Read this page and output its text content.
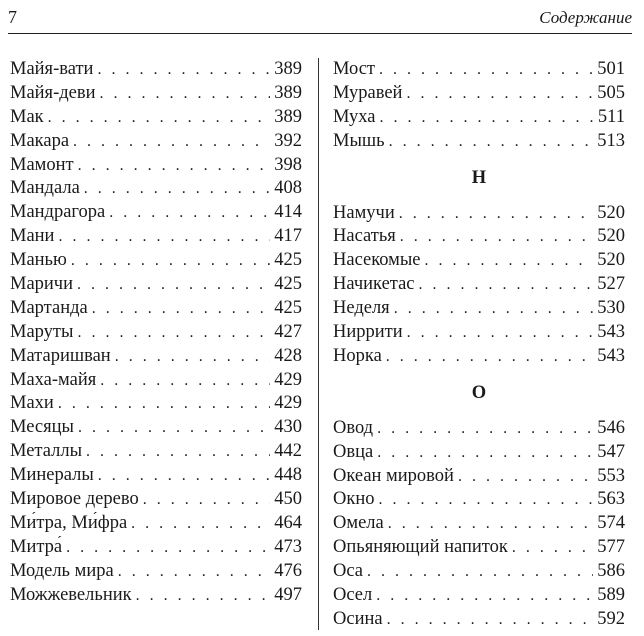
7	Содержание
Майя-вати . . .	389
Майя-деви . . .	389
Мак . . .	389
Макара . . .	392
Мамонт . . .	398
Мандала . . .	408
Мандрагора . . .	414
Мани . . .	417
Манью . . .	425
Маричи . . .	425
Мартанда . . .	425
Маруты . . .	427
Матаришван . . .	428
Маха-майя . . .	429
Махи . . .	429
Месяцы . . .	430
Металлы . . .	442
Минералы . . .	448
Мировое дерево . . .	450
Ми́тра, Ми́фра . . .	464
Митра́ . . .	473
Модель мира . . .	476
Можжевельник . . .	497
Мост . . .	501
Муравей . . .	505
Муха . . .	511
Мышь . . .	513
Н
Намучи . . .	520
Насатья . . .	520
Насекомые . . .	520
Начикетас . . .	527
Неделя . . .	530
Ниррити . . .	543
Норка . . .	543
О
Овод . . .	546
Овца . . .	547
Океан мировой . . .	553
Окно . . .	563
Омела . . .	574
Опьяняющий напиток . . .	577
Оса . . .	586
Осел . . .	589
Осина . . .	592
